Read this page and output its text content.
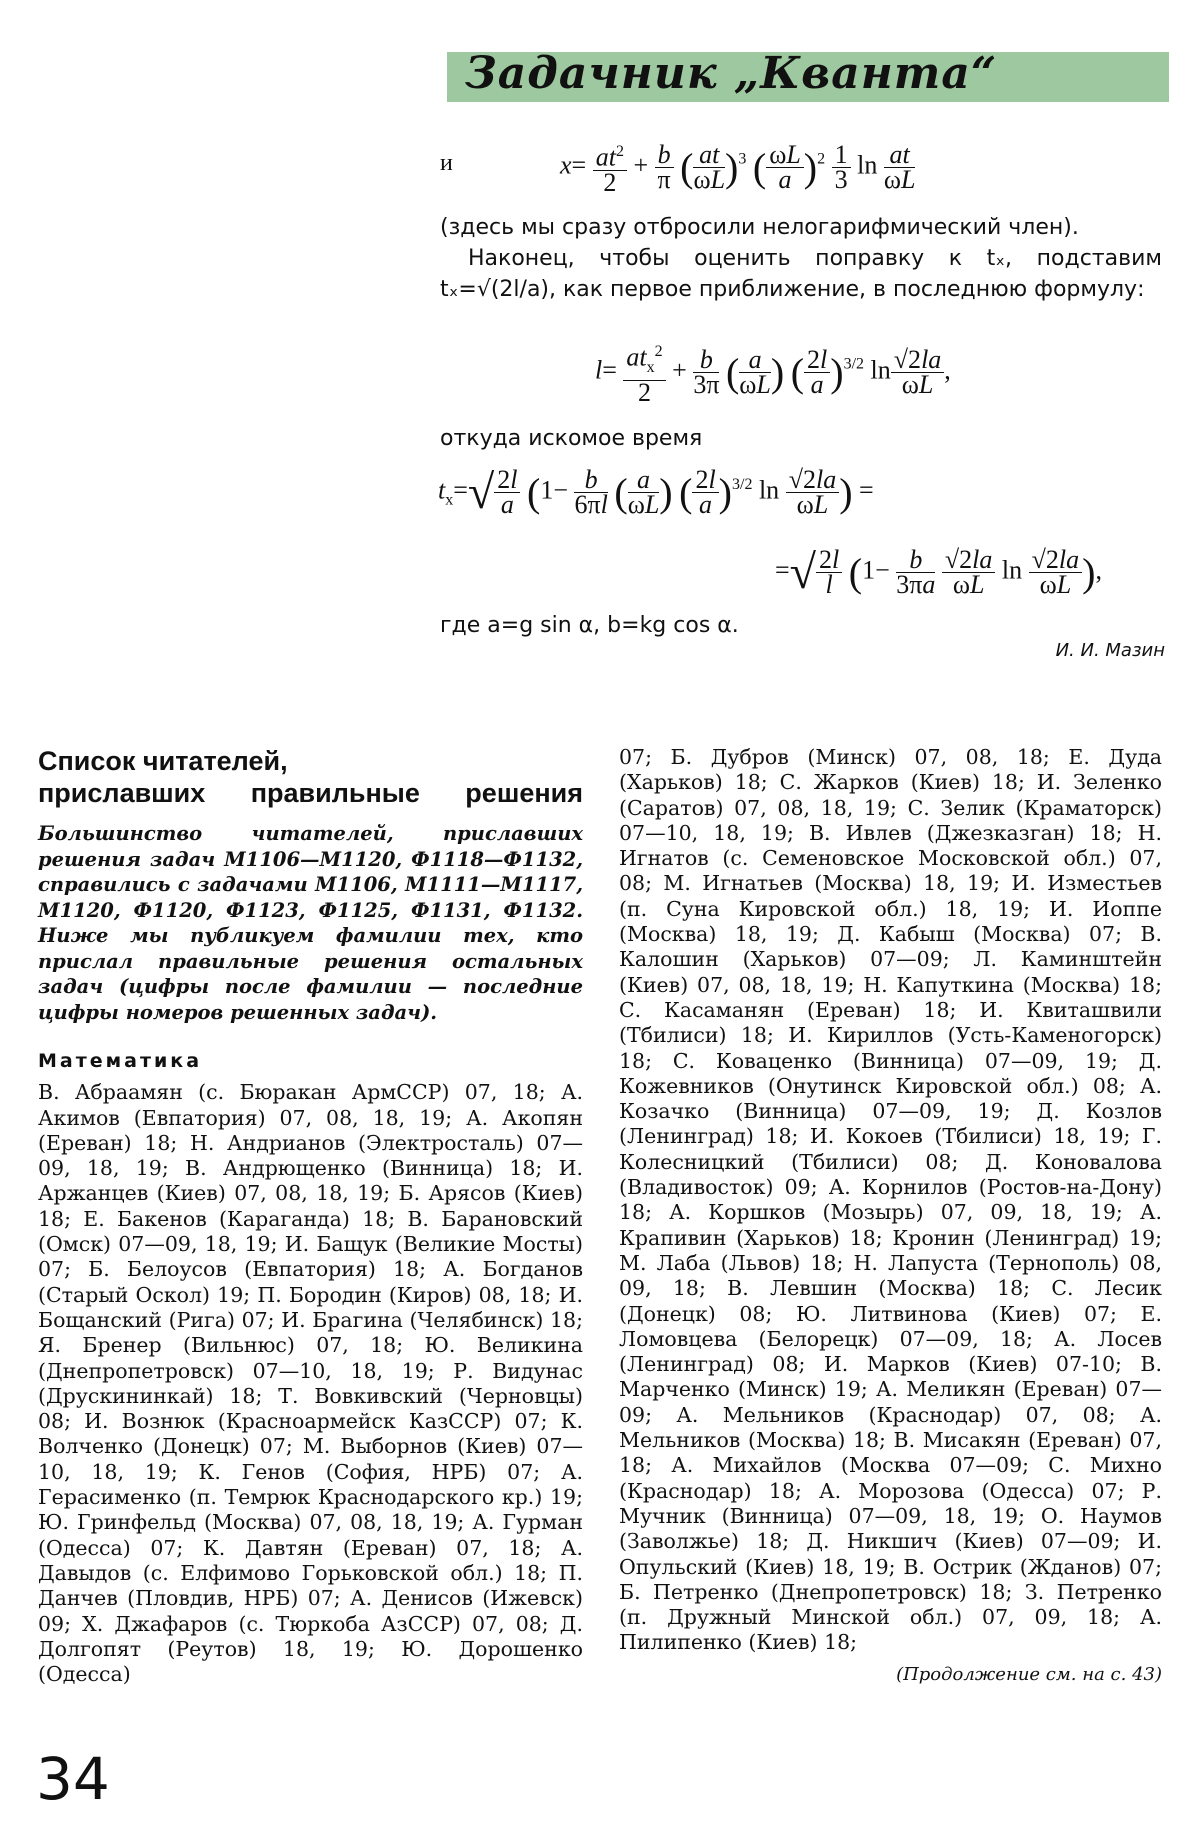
Задачник „Кванта“
и	$x= \frac{at^2}{2} + \frac{b}{\pi}$ ( $\frac{at}{\omega L} )^3$ ( $\frac{\omega L}{a} )^2 \frac{1}{3}$ $\ln \frac{at}{\omega L}$
(здесь мы сразу отбросили нелогарифмический член).
Наконец, чтобы оценить поправку к tₓ, подставим tₓ=√(2l/a), как первое приближение, в последнюю формулу:
$l= \frac{at_x^2}{2} + \frac{b}{3\pi}$ ( $\frac{a}{\omega L}$ ) ( $\frac{2l}{a} )^{3/2}$ $\ln \frac{√2la}{\omega L}$ ,
откуда искомое время
$t_x=√ \frac{2l}{a} (1- \frac{b}{6\pi l}$ ( $\frac{a}{\omega L}$ ) ( $\frac{2l}{a} )^{3/2}$ $\ln \frac{√2la}{\omega L}$ ) =
=√ $\frac{2l}{l} (1- \frac{b}{3\pi a}$
$\frac{√2la}{\omega L}$ $\ln \frac{√2la}{\omega L}$ ),
где a=g sin α, b=kg cos α.
И. И. Мазин
Список читателей,

приславших правильные решения

Большинство читателей, приславших решения задач М1106—М1120, Ф1118—Ф1132, справились с задачами М1106, М1111—М1117, М1120, Ф1120, Ф1123, Ф1125, Ф1131, Ф1132. Ниже мы публикуем фамилии тех, кто прислал правильные решения остальных задач (цифры после фамилии — последние цифры номеров решенных задач).

Математика

В. Абраамян (с. Бюракан АрмССР) 07, 18; А. Акимов (Евпатория) 07, 08, 18, 19; А. Акопян (Ереван) 18; Н. Андрианов (Электросталь) 07—09, 18, 19; В. Андрющенко (Винница) 18; И. Аржанцев (Киев) 07, 08, 18, 19; Б. Арясов (Киев) 18; Е. Бакенов (Караганда) 18; В. Барановский (Омск) 07—09, 18, 19; И. Бащук (Великие Мосты) 07; Б. Белоусов (Евпатория) 18; А. Богданов (Старый Оскол) 19; П. Бородин (Киров) 08, 18; И. Бощанский (Рига) 07; И. Брагина (Челябинск) 18; Я. Бренер (Вильнюс) 07, 18; Ю. Великина (Днепропетровск) 07—10, 18, 19; Р. Видунас (Друскининкай) 18; Т. Вовкивский (Черновцы) 08; И. Вознюк (Красноармейск КазССР) 07; К. Волченко (Донецк) 07; М. Выборнов (Киев) 07—10, 18, 19; К. Генов (София, НРБ) 07; А. Герасименко (п. Темрюк Краснодарского кр.) 19; Ю. Гринфельд (Москва) 07, 08, 18, 19; А. Гурман (Одесса) 07; К. Давтян (Ереван) 07, 18; А. Давыдов (с. Елфимово Горьковской обл.) 18; П. Данчев (Пловдив, НРБ) 07; А. Денисов (Ижевск) 09; Х. Джафаров (с. Тюркоба АзССР) 07, 08; Д. Долгопят (Реутов) 18, 19; Ю. Дорошенко (Одесса)

07; Б. Дубров (Минск) 07, 08, 18; Е. Дуда (Харьков) 18; С. Жарков (Киев) 18; И. Зеленко (Саратов) 07, 08, 18, 19; С. Зелик (Краматорск) 07—10, 18, 19; В. Ивлев (Джезказган) 18; Н. Игнатов (с. Семеновское Московской обл.) 07, 08; М. Игнатьев (Москва) 18, 19; И. Изместьев (п. Суна Кировской обл.) 18, 19; И. Иоппе (Москва) 18, 19; Д. Кабыш (Москва) 07; В. Калошин (Харьков) 07—09; Л. Каминштейн (Киев) 07, 08, 18, 19; Н. Капуткина (Москва) 18; С. Касаманян (Ереван) 18; И. Квиташвили (Тбилиси) 18; И. Кириллов (Усть-Каменогорск) 18; С. Коваценко (Винница) 07—09, 19; Д. Кожевников (Онутинск Кировской обл.) 08; А. Козачко (Винница) 07—09, 19; Д. Козлов (Ленинград) 18; И. Кокоев (Тбилиси) 18, 19; Г. Колесницкий (Тбилиси) 08; Д. Коновалова (Владивосток) 09; А. Корнилов (Ростов-на-Дону) 18; А. Коршков (Мозырь) 07, 09, 18, 19; А. Крапивин (Харьков) 18; Кронин (Ленинград) 19; М. Лаба (Львов) 18; Н. Лапуста (Тернополь) 08, 09, 18; В. Левшин (Москва) 18; С. Лесик (Донецк) 08; Ю. Литвинова (Киев) 07; Е. Ломовцева (Белорецк) 07—09, 18; А. Лосев (Ленинград) 08; И. Марков (Киев) 07-10; В. Марченко (Минск) 19; А. Меликян (Ереван) 07—09; А. Мельников (Краснодар) 07, 08; А. Мельников (Москва) 18; В. Мисакян (Ереван) 07, 18; А. Михайлов (Москва 07—09; С. Михно (Краснодар) 18; А. Морозова (Одесса) 07; Р. Мучник (Винница) 07—09, 18, 19; О. Наумов (Заволжье) 18; Д. Никшич (Киев) 07—09; И. Опульский (Киев) 18, 19; В. Острик (Жданов) 07; Б. Петренко (Днепропетровск) 18; З. Петренко (п. Дружный Минской обл.) 07, 09, 18; А. Пилипенко (Киев) 18;

(Продолжение см. на с. 43)
34
